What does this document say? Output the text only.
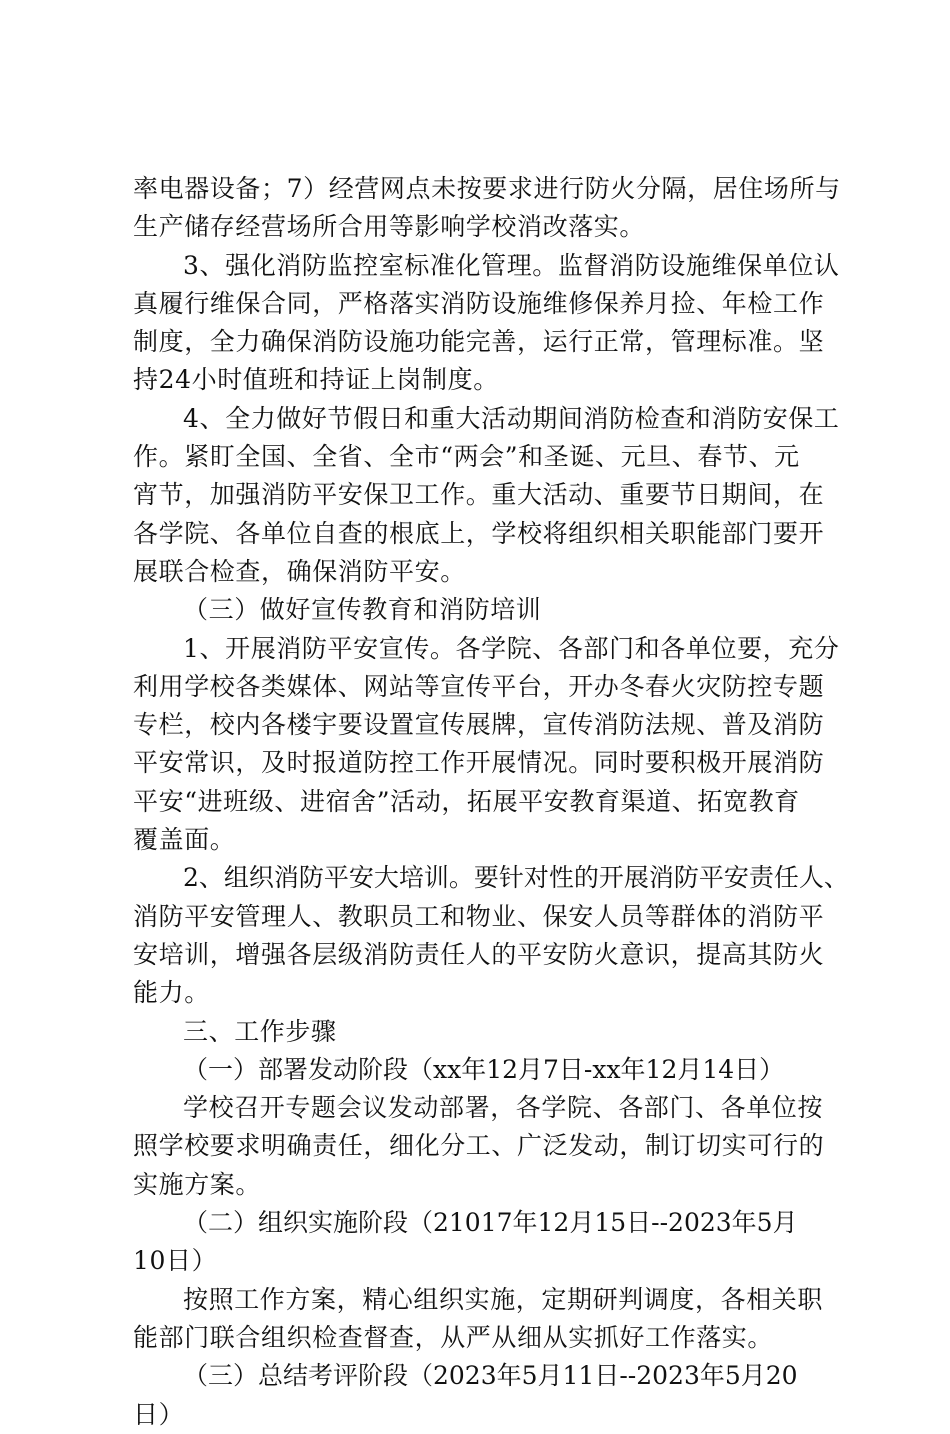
率电器设备；7）经营网点未按要求进行防火分隔，居住场所与
生产储存经营场所合用等影响学校消改落实。
3、强化消防监控室标准化管理。监督消防设施维保单位认
真履行维保合同，严格落实消防设施维修保养月捡、年检工作
制度，全力确保消防设施功能完善，运行正常，管理标准。坚
持24小时值班和持证上岗制度。
4、全力做好节假日和重大活动期间消防检查和消防安保工
作。紧盯全国、全省、全市“两会”和圣诞、元旦、春节、元
宵节，加强消防平安保卫工作。重大活动、重要节日期间，在
各学院、各单位自查的根底上，学校将组织相关职能部门要开
展联合检查，确保消防平安。
（三）做好宣传教育和消防培训
1、开展消防平安宣传。各学院、各部门和各单位要，充分
利用学校各类媒体、网站等宣传平台，开办冬春火灾防控专题
专栏，校内各楼宇要设置宣传展牌，宣传消防法规、普及消防
平安常识，及时报道防控工作开展情况。同时要积极开展消防
平安“进班级、进宿舍”活动，拓展平安教育渠道、拓宽教育
覆盖面。
2、组织消防平安大培训。要针对性的开展消防平安责任人、
消防平安管理人、教职员工和物业、保安人员等群体的消防平
安培训，增强各层级消防责任人的平安防火意识，提高其防火
能力。
三、工作步骤
（一）部署发动阶段（xx年12月7日-xx年12月14日）
学校召开专题会议发动部署，各学院、各部门、各单位按
照学校要求明确责任，细化分工、广泛发动，制订切实可行的
实施方案。
（二）组织实施阶段（21017年12月15日--2023年5月
10日）
按照工作方案，精心组织实施，定期研判调度，各相关职
能部门联合组织检查督查，从严从细从实抓好工作落实。
（三）总结考评阶段（2023年5月11日--2023年5月20
日）
